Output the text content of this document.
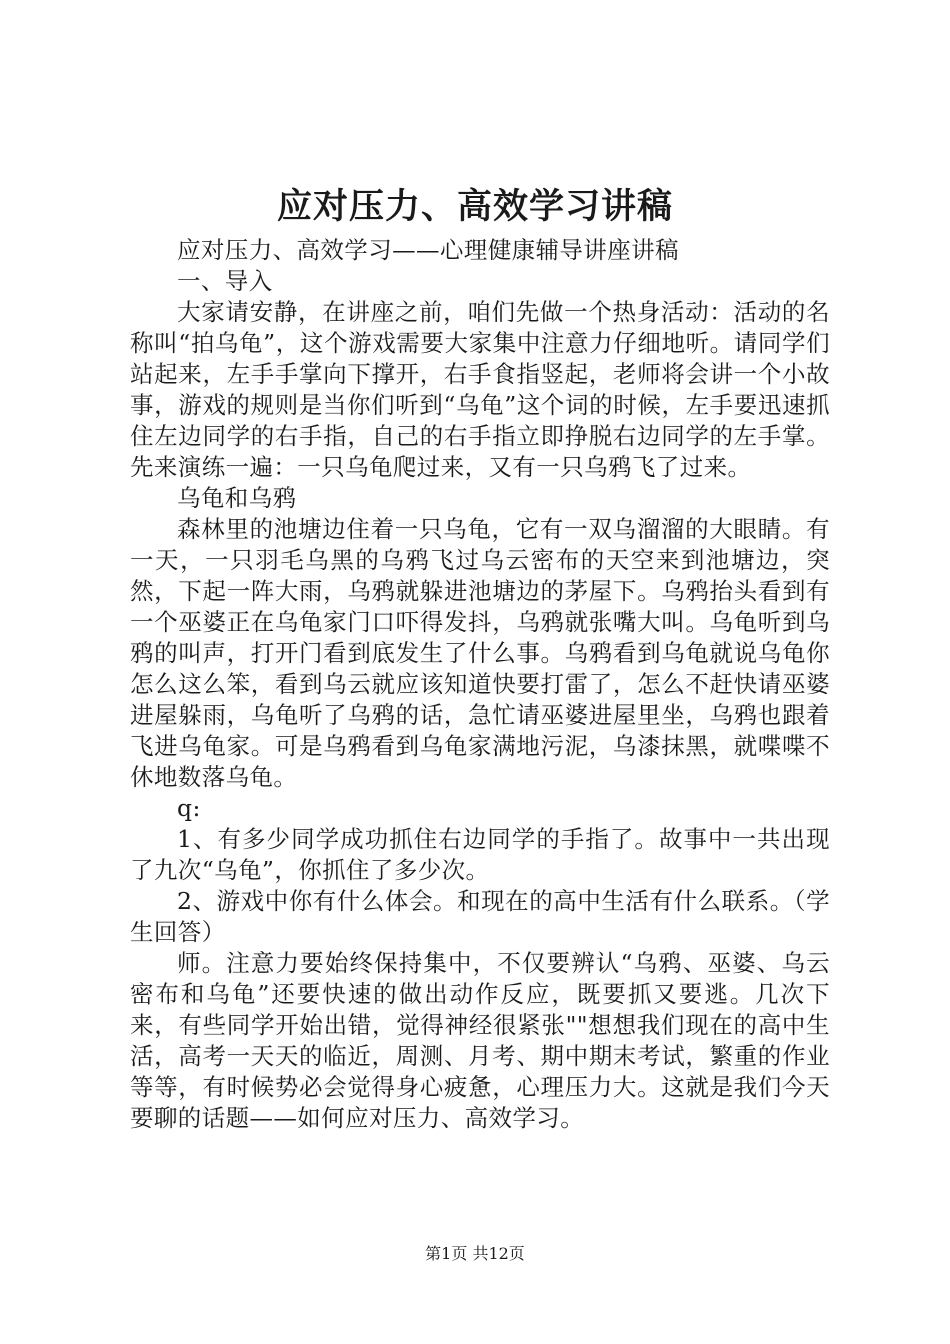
应对压力、高效学习讲稿

应对压力、高效学习——心理健康辅导讲座讲稿

一、导入

大家请安静，在讲座之前，咱们先做一个热身活动：活动的名称叫“拍乌龟”，这个游戏需要大家集中注意力仔细地听。请同学们站起来，左手手掌向下撑开，右手食指竖起，老师将会讲一个小故事，游戏的规则是当你们听到“乌龟”这个词的时候，左手要迅速抓住左边同学的右手指，自己的右手指立即挣脱右边同学的左手掌。先来演练一遍：一只乌龟爬过来，又有一只乌鸦飞了过来。

乌龟和乌鸦

森林里的池塘边住着一只乌龟，它有一双乌溜溜的大眼睛。有一天，一只羽毛乌黑的乌鸦飞过乌云密布的天空来到池塘边，突然，下起一阵大雨，乌鸦就躲进池塘边的茅屋下。乌鸦抬头看到有一个巫婆正在乌龟家门口吓得发抖，乌鸦就张嘴大叫。乌龟听到乌鸦的叫声，打开门看到底发生了什么事。乌鸦看到乌龟就说乌龟你怎么这么笨，看到乌云就应该知道快要打雷了，怎么不赶快请巫婆进屋躲雨，乌龟听了乌鸦的话，急忙请巫婆进屋里坐，乌鸦也跟着飞进乌龟家。可是乌鸦看到乌龟家满地污泥，乌漆抹黑，就喋喋不休地数落乌龟。

q:

1、有多少同学成功抓住右边同学的手指了。故事中一共出现了九次“乌龟”，你抓住了多少次。

2、游戏中你有什么体会。和现在的高中生活有什么联系。（学生回答）

师。注意力要始终保持集中，不仅要辨认“乌鸦、巫婆、乌云密布和乌龟”还要快速的做出动作反应，既要抓又要逃。几次下来，有些同学开始出错，觉得神经很紧张""想想我们现在的高中生活，高考一天天的临近，周测、月考、期中期末考试，繁重的作业等等，有时候势必会觉得身心疲惫，心理压力大。这就是我们今天要聊的话题——如何应对压力、高效学习。

第1页 共12页
